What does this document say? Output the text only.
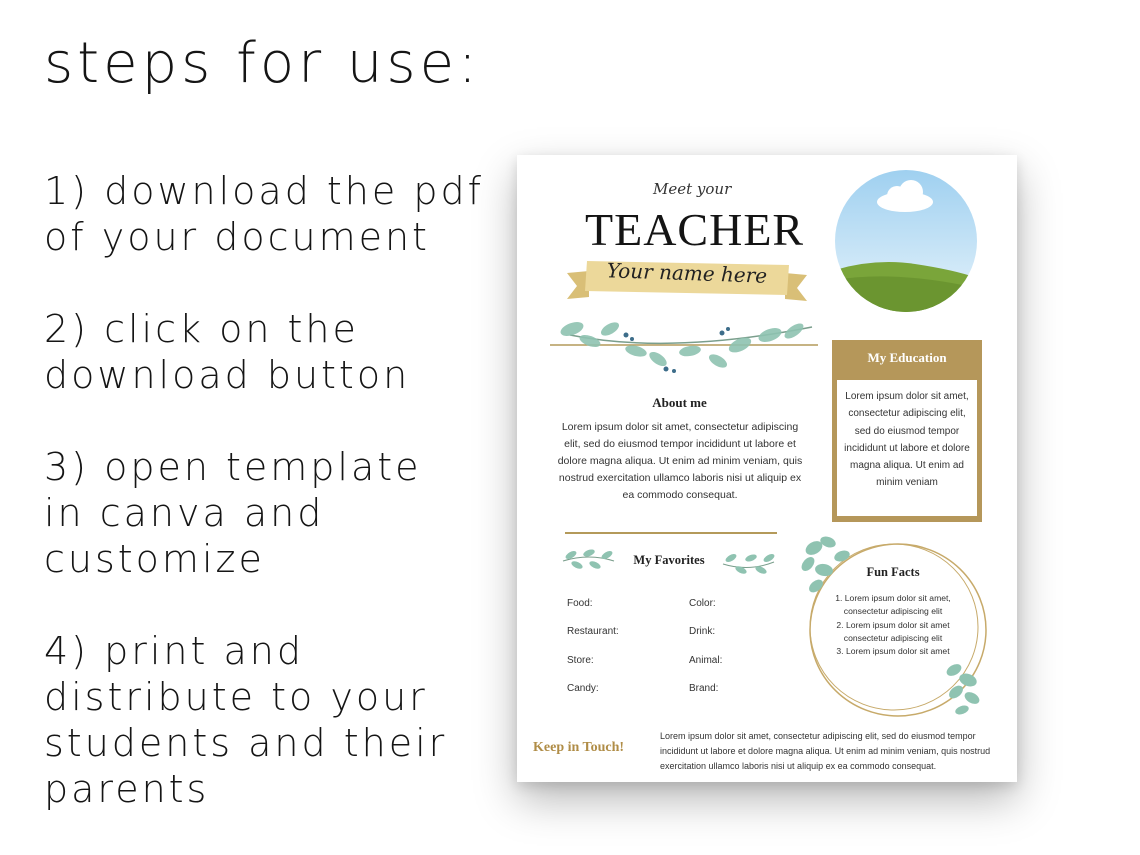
steps for use:
1) download the pdf
of your document
2) click on the
download button
3) open template
in canva and
customize
4) print and
distribute to your
students and their
parents
Meet your
TEACHER
Your name here
About me
Lorem ipsum dolor sit amet, consectetur adipiscing elit, sed do eiusmod tempor incididunt ut labore et dolore magna aliqua. Ut enim ad minim veniam, quis nostrud exercitation ullamco laboris nisi ut aliquip ex ea commodo consequat.
My Education
Lorem ipsum dolor sit amet, consectetur adipiscing elit, sed do eiusmod tempor incididunt ut labore et dolore magna aliqua. Ut enim ad minim veniam
My Favorites
Food:	Color:
Restaurant:	Drink:
Store:	Animal:
Candy:	Brand:
Fun Facts
1. Lorem ipsum dolor sit amet,
consectetur adipiscing elit
2. Lorem ipsum dolor sit amet
consectetur adipiscing elit
3. Lorem ipsum dolor sit amet
Keep in Touch!
Lorem ipsum dolor sit amet, consectetur adipiscing elit, sed do eiusmod tempor incididunt ut labore et dolore magna aliqua. Ut enim ad minim veniam, quis nostrud exercitation ullamco laboris nisi ut aliquip ex ea commodo consequat.
